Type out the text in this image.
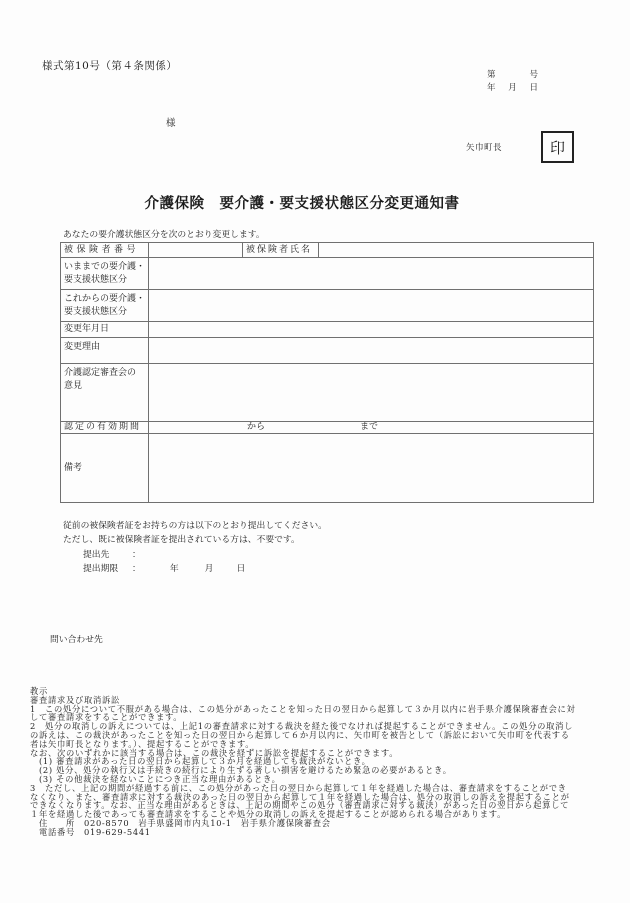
様式第10号（第４条関係）
第	号
年 月 日
様
矢巾町長	印
介護保険　要介護・要支援状態区分変更通知書
あなたの要介護状態区分を次のとおり変更します。
被保険者番号		被保険者氏名	
いままでの要介護・
要支援状態区分			
これからの要介護・
要支援状態区分			
変更年月日			
変更理由			
介護認定審査会の
意見			
認定の有効期間	から まで		
備考			
従前の被保険者証をお持ちの方は以下のとおり提出してください。
ただし、既に被保険者証を提出されている方は、不要です。
提出先	：
提出期限	：	年	月	日
問い合わせ先
教示
審査請求及び取消訴訟
1　この処分について不服がある場合は、この処分があったことを知った日の翌日から起算して３か月以内に岩手県介護保険審査会に対
して審査請求をすることができます。
2　処分の取消しの訴えについては、上記1の審査請求に対する裁決を経た後でなければ提起することができません。この処分の取消し
の訴えは、この裁決があったことを知った日の翌日から起算して６か月以内に、矢巾町を被告として（訴訟において矢巾町を代表する
者は矢巾町長となります。）、提起することができます。
なお、次のいずれかに該当する場合は、この裁決を経ずに訴訟を提起することができます。
　(1) 審査請求があった日の翌日から起算して３か月を経過しても裁決がないとき。
　(2) 処分、処分の執行又は手続きの続行により生ずる著しい損害を避けるため緊急の必要があるとき。
　(3) その他裁決を経ないことにつき正当な理由があるとき。
3　ただし、上記の期間が経過する前に、この処分があった日の翌日から起算して１年を経過した場合は、審査請求をすることができ
なくなり、また、審査請求に対する裁決のあった日の翌日から起算して１年を経過した場合は、処分の取消しの訴えを提起することが
できなくなります。なお、正当な理由があるときは、上記の期間やこの処分（審査請求に対する裁決）があった日の翌日から起算して
１年を経過した後であっても審査請求をすることや処分の取消しの訴えを提起することが認められる場合があります。
　住　　所　020-8570　岩手県盛岡市内丸10-1　岩手県介護保険審査会
　電話番号　019-629-5441
